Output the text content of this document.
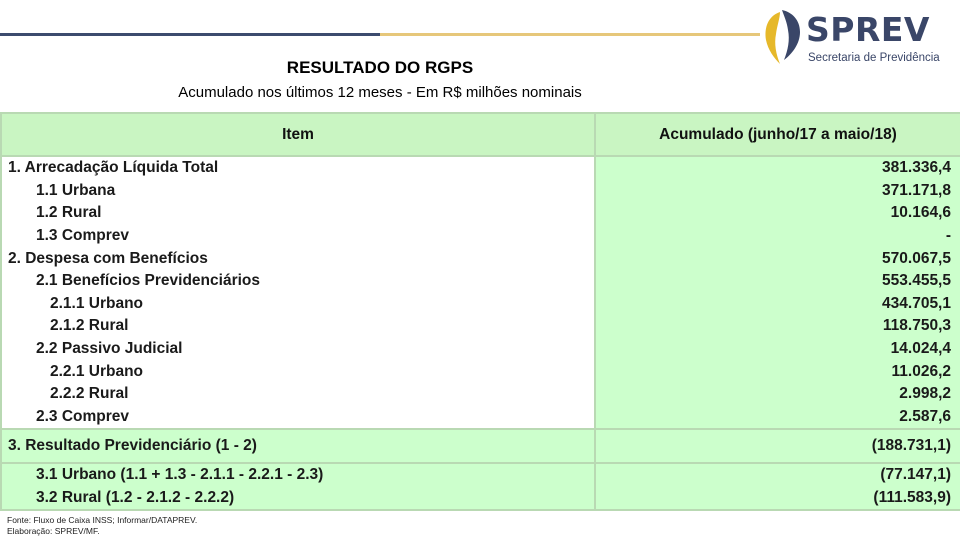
SPREV
Secretaria de Previdência
RESULTADO DO RGPS
Acumulado nos últimos 12 meses - Em R$ milhões nominais
Item	Acumulado (junho/17 a maio/18)
1. Arrecadação Líquida Total	381.336,4
1.1 Urbana	371.171,8
1.2 Rural	10.164,6
1.3 Comprev	-
2. Despesa com Benefícios	570.067,5
2.1 Benefícios Previdenciários	553.455,5
2.1.1 Urbano	434.705,1
2.1.2 Rural	118.750,3
2.2 Passivo Judicial	14.024,4
2.2.1 Urbano	11.026,2
2.2.2 Rural	2.998,2
2.3 Comprev	2.587,6
3. Resultado Previdenciário (1 - 2)	(188.731,1)
3.1 Urbano (1.1 + 1.3 - 2.1.1 - 2.2.1 - 2.3)	(77.147,1)
3.2 Rural (1.2 - 2.1.2 - 2.2.2)	(111.583,9)
Fonte: Fluxo de Caixa INSS; Informar/DATAPREV.
Elaboração: SPREV/MF.
